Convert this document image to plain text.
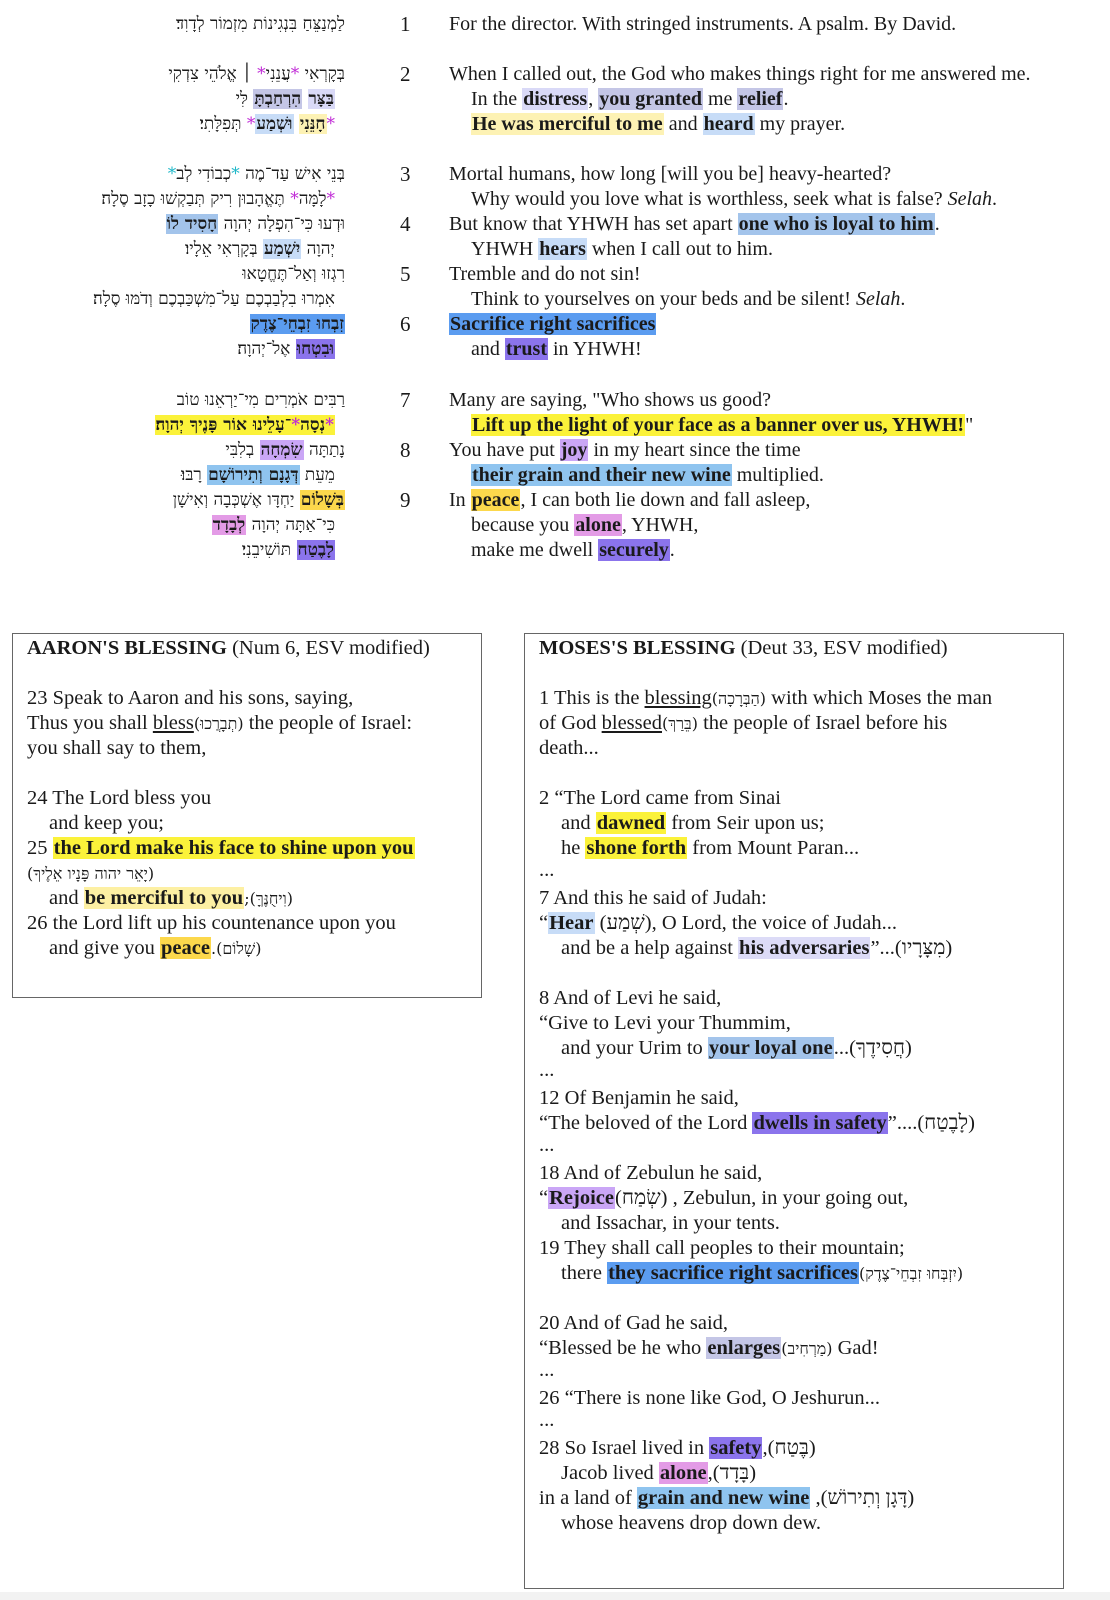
לַמְנַצֵּחַ בִּנְגִינוֹת מִזְמוֹר לְדָוִד׃	1	For the director. With stringed instruments. A psalm. By David.
בְּקָרְאִי *עֲנֵנִי* ׀ אֱלֹהֵי צִדְקִי	2	When I called out, the God who makes things right for me answered me.
בַּצָּר הִרְחַבְתָּ לִּי	In the distress, you granted me relief.
*חָנֵּנִי וּשְׁמַע* תְּפִלָּתִי׃	He was merciful to me and heard my prayer.
בְּנֵי אִישׁ עַד־מֶה *כְבוֹדִי לְב*	3	Mortal humans, how long [will you be] heavy-hearted?
*לָמָּה* תֶּאֱהָבוּן רִיק תְּבַקְשׁוּ כָזָב סֶלָה׃	Why would you love what is worthless, seek what is false? Selah.
וּדְעוּ כִּי־הִפְלָה יְהוָה חָסִיד לוֹ	4	But know that YHWH has set apart one who is loyal to him.
יְהוָה יִשְׁמַע בְּקָרְאִי אֵלָיו׃	YHWH hears when I call out to him.
רִגְזוּ וְאַל־תֶּחֱטָאוּ	5	Tremble and do not sin!
אִמְרוּ בִלְבַבְכֶם עַל־מִשְׁכַּבְכֶם וְדֹמּוּ סֶלָה׃	Think to yourselves on your beds and be silent! Selah.
זִבְחוּ זִבְחֵי־צֶדֶק	6	Sacrifice right sacrifices
וּבִטְחוּ אֶל־יְהוָה׃	and trust in YHWH!
רַבִּים אֹמְרִים מִי־יַרְאֵנוּ טוֹב	7	Many are saying, "Who shows us good?
*נְסָה*־עָלֵינוּ אוֹר פָּנֶיךָ יְהוָה׃	Lift up the light of your face as a banner over us, YHWH!"
נָתַתָּה שִׂמְחָה בְלִבִּי	8	You have put joy in my heart since the time
מֵעֵת דְּגָנָם וְתִירוֹשָׁם רָבּוּ׃	their grain and their new wine multiplied.
בְּשָׁלוֹם יַחְדָּו אֶשְׁכְּבָה וְאִישָׁן	9	In peace, I can both lie down and fall asleep,
כִּי־אַתָּה יְהוָה לְבָדָד	because you alone, YHWH,
לָבֶטַח תּוֹשִׁיבֵנִי׃	make me dwell securely.
AARON'S BLESSING (Num 6, ESV modified)
23 Speak to Aaron and his sons, saying,
Thus you shall bless(תְבָרֲכוּ) the people of Israel:
you shall say to them,
24 The Lord bless you
and keep you;
25 the Lord make his face to shine upon you
(יָאֵר יהוה פָּנָיו אֵלֶיךָ)
and be merciful to you;(וִיחֻנֶּךָּ)
26 the Lord lift up his countenance upon you
and give you peace.(שָׁלוֹם)
MOSES'S BLESSING (Deut 33, ESV modified)
1 This is the blessing(הַבְּרָכָה) with which Moses the man
of God blessed(בֵּרַךְ) the people of Israel before his
death...
2 “The Lord came from Sinai
and dawned from Seir upon us;
he shone forth from Mount Paran...
...
7 And this he said of Judah:
“Hear (שְׁמַע), O Lord, the voice of Judah...
and be a help against his adversaries”...(מִצָּרָיו)
8 And of Levi he said,
“Give to Levi your Thummim,
and your Urim to your loyal one...(חֲסִידֶךָ)
...
12 Of Benjamin he said,
“The beloved of the Lord dwells in safety”....(לָבֶטַח)
...
18 And of Zebulun he said,
“Rejoice(שְׂמַח) , Zebulun, in your going out,
and Issachar, in your tents.
19 They shall call peoples to their mountain;
there they sacrifice right sacrifices(יִזְבְּחוּ זִבְחֵי־צֶדֶק)
20 And of Gad he said,
“Blessed be he who enlarges(מַרְחִיב) Gad!
...
26 “There is none like God, O Jeshurun...
...
28 So Israel lived in safety,(בֶּטַח)
Jacob lived alone,(בָּדָד)
in a land of grain and new wine ,(דָּגָן וְתִירוֹשׁ)
whose heavens drop down dew.
